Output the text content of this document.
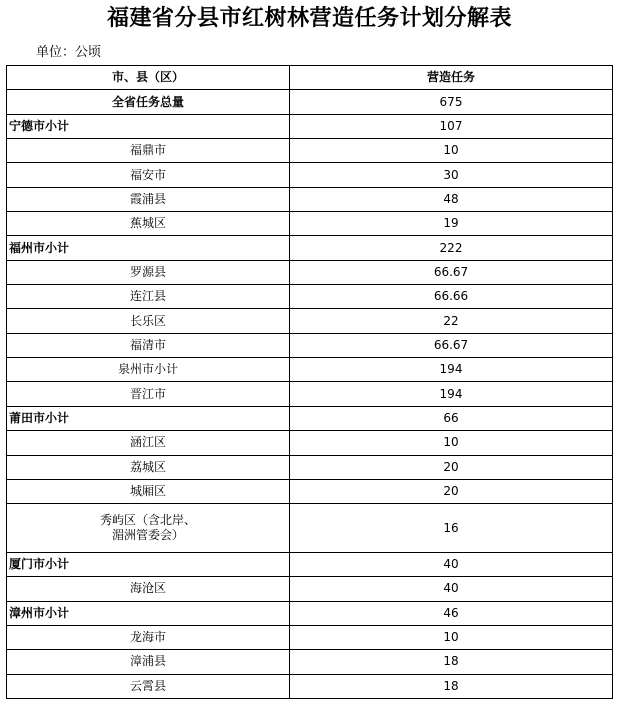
福建省分县市红树林营造任务计划分解表
单位：公顷
市、县（区）	营造任务
全省任务总量	675
宁德市小计	107
福鼎市	10
福安市	30
霞浦县	48
蕉城区	19
福州市小计	222
罗源县	66.67
连江县	66.66
长乐区	22
福清市	66.67
泉州市小计	194
晋江市	194
莆田市小计	66
涵江区	10
荔城区	20
城厢区	20
秀屿区（含北岸、
湄洲管委会）	16
厦门市小计	40
海沧区	40
漳州市小计	46
龙海市	10
漳浦县	18
云霄县	18
